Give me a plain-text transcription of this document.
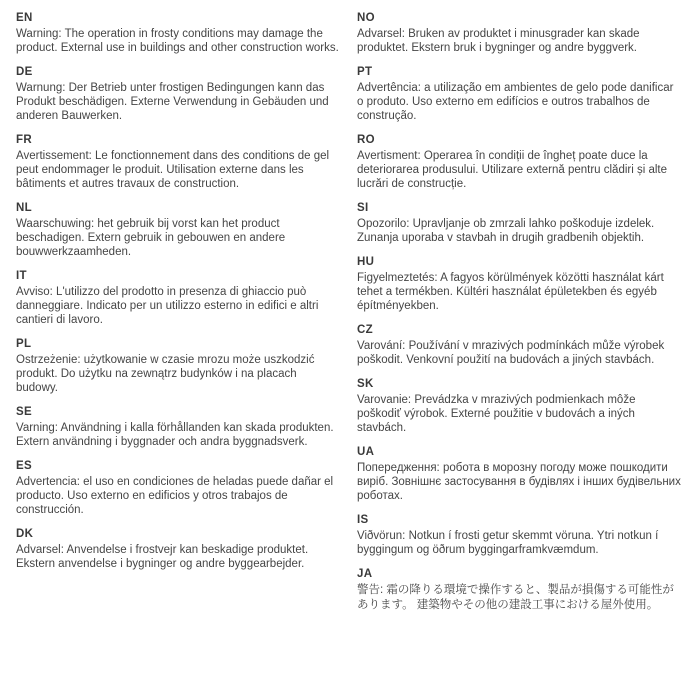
EN

Warning: The operation in frosty conditions may damage the product. External use in buildings and other construction works.

DE

Warnung: Der Betrieb unter frostigen Bedingungen kann das Produkt beschädigen. Externe Verwendung in Gebäuden und anderen Bauwerken.

FR

Avertissement: Le fonctionnement dans des conditions de gel peut endommager le produit. Utilisation externe dans les bâtiments et autres travaux de construction.

NL

Waarschuwing: het gebruik bij vorst kan het product beschadigen. Extern gebruik in gebouwen en andere bouwwerkzaamheden.

IT

Avviso: L'utilizzo del prodotto in presenza di ghiaccio può danneggiare. Indicato per un utilizzo esterno in edifici e altri cantieri di lavoro.

PL

Ostrzeżenie: użytkowanie w czasie mrozu może uszkodzić produkt. Do użytku na zewnątrz budynków i na placach budowy.

SE

Varning: Användning i kalla förhållanden kan skada produkten. Extern användning i byggnader och andra byggnadsverk.

ES

Advertencia: el uso en condiciones de heladas puede dañar el producto. Uso externo en edificios y otros trabajos de construcción.

DK

Advarsel: Anvendelse i frostvejr kan beskadige produktet. Ekstern anvendelse i bygninger og andre byggearbejder.

NO

Advarsel: Bruken av produktet i minusgrader kan skade produktet. Ekstern bruk i bygninger og andre byggverk.

PT

Advertência: a utilização em ambientes de gelo pode danificar o produto. Uso externo em edifícios e outros trabalhos de construção.

RO

Avertisment: Operarea în condiții de îngheț poate duce la deteriorarea produsului. Utilizare externă pentru clădiri și alte lucrări de construcție.

SI

Opozorilo: Upravljanje ob zmrzali lahko poškoduje izdelek. Zunanja uporaba v stavbah in drugih gradbenih objektih.

HU

Figyelmeztetés: A fagyos körülmények közötti használat kárt tehet a termékben. Kültéri használat épületekben és egyéb építményekben.

CZ

Varování: Používání v mrazivých podmínkách může výrobek poškodit. Venkovní použití na budovách a jiných stavbách.

SK

Varovanie: Prevádzka v mrazivých podmienkach môže poškodiť výrobok. Externé použitie v budovách a iných stavbách.

UA

Попередження: робота в морозну погоду може пошкодити виріб. Зовнішнє застосування в будівлях і інших будівельних роботах.

IS

Viðvörun: Notkun í frosti getur skemmt vöruna. Ytri notkun í byggingum og öðrum byggingarframkvæmdum.

JA

警告: 霜の降りる環境で操作すると、製品が損傷する可能性があります。 建築物やその他の建設工事における屋外使用。
